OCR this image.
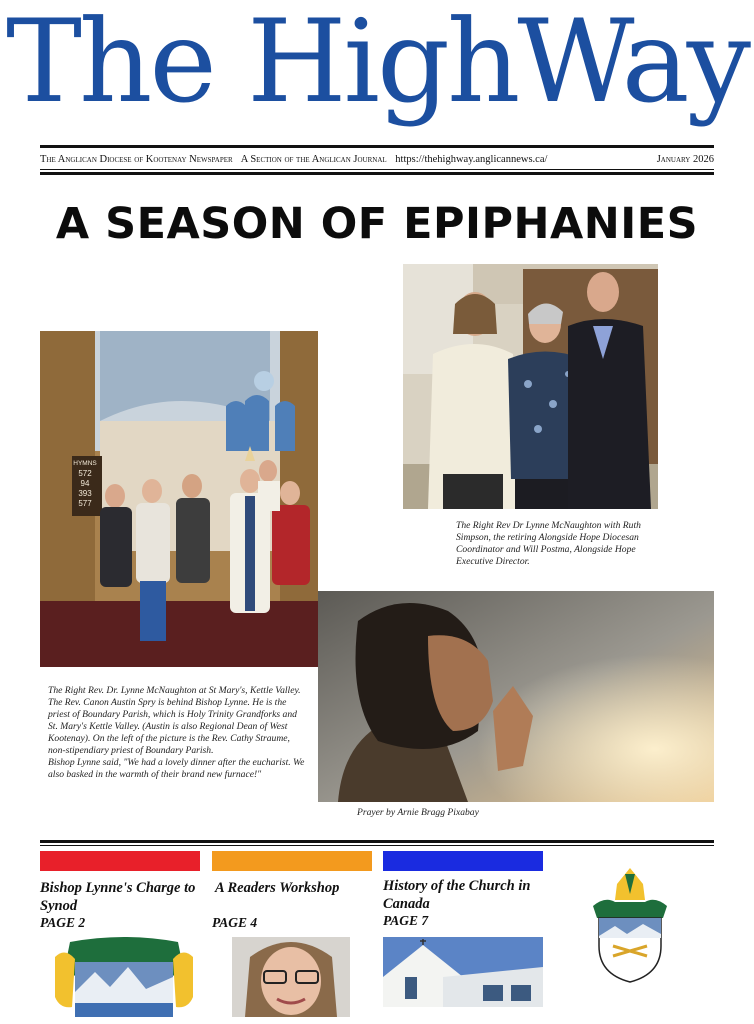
The HighWay
The Anglican Diocese of Kootenay Newspaper A Section of the Anglican Journal https://thehighway.anglicannews.ca/	January 2026
A SEASON OF EPIPHANIES
The Right Rev Dr Lynne McNaughton with Ruth Simpson, the retiring Alongside Hope Diocesan Coordinator and Will Postma, Alongside Hope Executive Director.
HYMNS
572
94
393
577
The Right Rev. Dr. Lynne McNaughton at St Mary's, Kettle Valley. The Rev. Canon Austin Spry is behind Bishop Lynne. He is the priest of Boundary Parish, which is Holy Trinity Grandforks and St. Mary's Kettle Valley. (Austin is also Regional Dean of West Kootenay). On the left of the picture is the Rev. Cathy Straume, non-stipendiary priest of Boundary Parish.
Bishop Lynne said, "We had a lovely dinner after the eucharist. We also basked in the warmth of their brand new furnace!"
Prayer by Arnie Bragg Pixabay
Bishop Lynne's Charge to Synod
PAGE 2
A Readers Workshop
PAGE 4
History of the Church in Canada
PAGE 7
